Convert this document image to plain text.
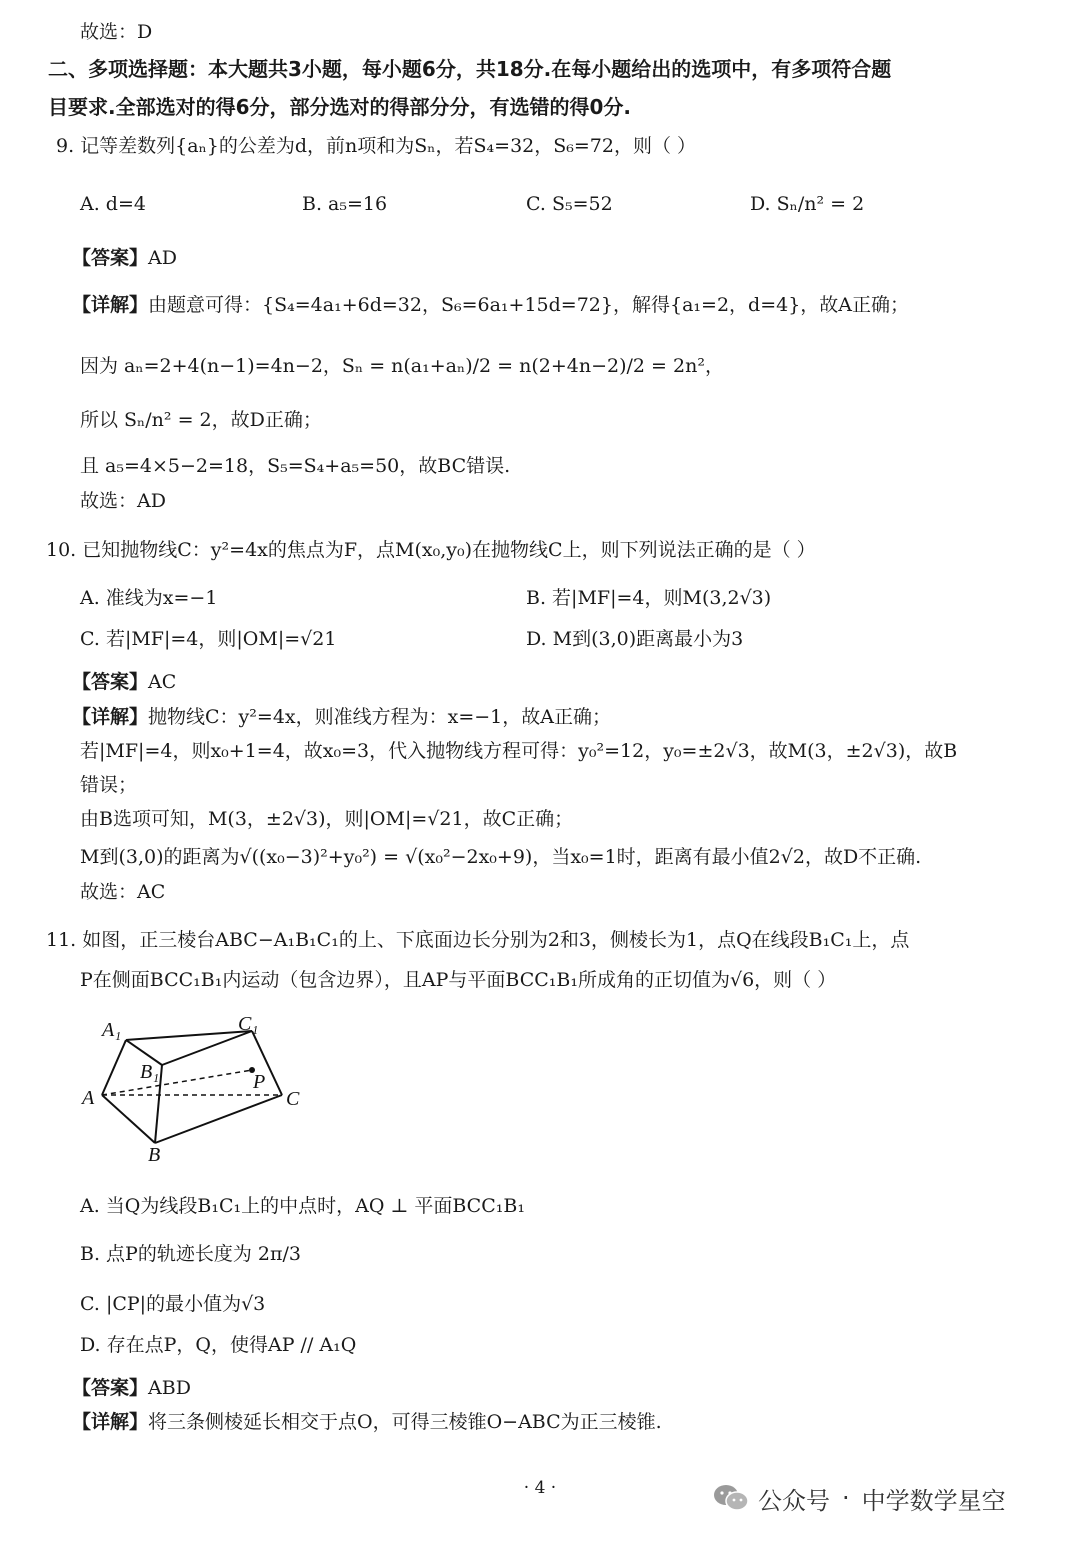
故选：D
二、多项选择题：本大题共3小题，每小题6分，共18分.在每小题给出的选项中，有多项符合题
目要求.全部选对的得6分，部分选对的得部分分，有选错的得0分.
9. 记等差数列{aₙ}的公差为d，前n项和为Sₙ，若S₄=32，S₆=72，则（ ）
A. d=4	B. a₅=16	C. S₅=52	D. Sₙ/n² = 2
【答案】AD
【详解】由题意可得：{S₄=4a₁+6d=32，S₆=6a₁+15d=72}，解得{a₁=2，d=4}，故A正确；
因为 aₙ=2+4(n−1)=4n−2，Sₙ = n(a₁+aₙ)/2 = n(2+4n−2)/2 = 2n²，
所以 Sₙ/n² = 2，故D正确；
且 a₅=4×5−2=18，S₅=S₄+a₅=50，故BC错误.
故选：AD
10. 已知抛物线C：y²=4x的焦点为F，点M(x₀,y₀)在抛物线C上，则下列说法正确的是（ ）
A. 准线为x=−1	B. 若|MF|=4，则M(3,2√3)
C. 若|MF|=4，则|OM|=√21	D. M到(3,0)距离最小为3
【答案】AC
【详解】抛物线C：y²=4x，则准线方程为：x=−1，故A正确；
若|MF|=4，则x₀+1=4，故x₀=3，代入抛物线方程可得：y₀²=12，y₀=±2√3，故M(3，±2√3)，故B
错误；
由B选项可知，M(3，±2√3)，则|OM|=√21，故C正确；
M到(3,0)的距离为√((x₀−3)²+y₀²) = √(x₀²−2x₀+9)，当x₀=1时，距离有最小值2√2，故D不正确.
故选：AC
11. 如图，正三棱台ABC−A₁B₁C₁的上、下底面边长分别为2和3，侧棱长为1，点Q在线段B₁C₁上，点
P在侧面BCC₁B₁内运动（包含边界），且AP与平面BCC₁B₁所成角的正切值为√6，则（ ）
A₁	C₁
B₁	P
A	C
B
A. 当Q为线段B₁C₁上的中点时，AQ ⊥ 平面BCC₁B₁
B. 点P的轨迹长度为 2π/3
C. |CP|的最小值为√3
D. 存在点P，Q，使得AP // A₁Q
【答案】ABD
【详解】将三条侧棱延长相交于点O，可得三棱锥O−ABC为正三棱锥.
· 4 ·	公众号 · 中学数学星空
